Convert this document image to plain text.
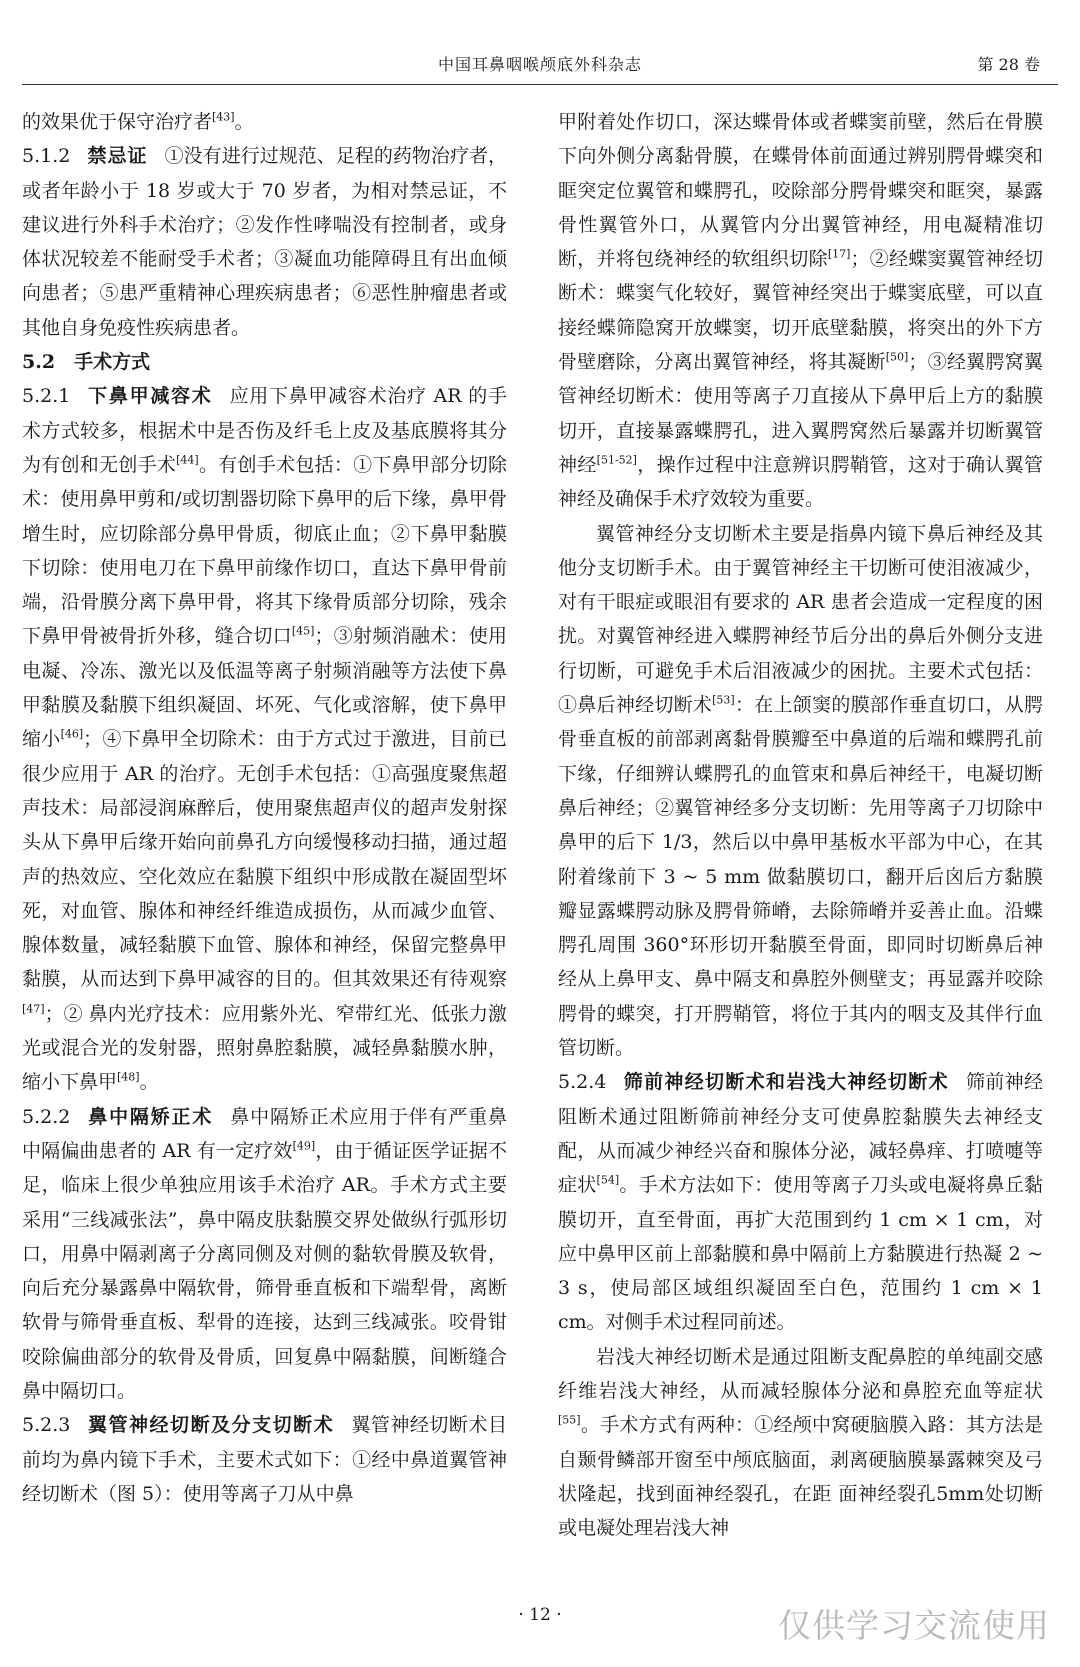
中国耳鼻咽喉颅底外科杂志	第 28 卷

的效果优于保守治疗者[43]。

5.1.2 禁忌证 ①没有进行过规范、足程的药物治疗者，或者年龄小于 18 岁或大于 70 岁者，为相对禁忌证，不建议进行外科手术治疗；②发作性哮喘没有控制者，或身体状况较差不能耐受手术者；③凝血功能障碍且有出血倾向患者；⑤患严重精神心理疾病患者；⑥恶性肿瘤患者或其他自身免疫性疾病患者。

5.2 手术方式

5.2.1 下鼻甲减容术 应用下鼻甲减容术治疗 AR 的手术方式较多，根据术中是否伤及纤毛上皮及基底膜将其分为有创和无创手术[44]。有创手术包括：①下鼻甲部分切除术：使用鼻甲剪和/或切割器切除下鼻甲的后下缘，鼻甲骨增生时，应切除部分鼻甲骨质，彻底止血；②下鼻甲黏膜下切除：使用电刀在下鼻甲前缘作切口，直达下鼻甲骨前端，沿骨膜分离下鼻甲骨，将其下缘骨质部分切除，残余下鼻甲骨被骨折外移，缝合切口[45]；③射频消融术：使用电凝、冷冻、激光以及低温等离子射频消融等方法使下鼻甲黏膜及黏膜下组织凝固、坏死、气化或溶解，使下鼻甲缩小[46]；④下鼻甲全切除术：由于方式过于激进，目前已很少应用于 AR 的治疗。无创手术包括：①高强度聚焦超声技术：局部浸润麻醉后，使用聚焦超声仪的超声发射探头从下鼻甲后缘开始向前鼻孔方向缓慢移动扫描，通过超声的热效应、空化效应在黏膜下组织中形成散在凝固型坏死，对血管、腺体和神经纤维造成损伤，从而减少血管、腺体数量，减轻黏膜下血管、腺体和神经，保留完整鼻甲黏膜，从而达到下鼻甲减容的目的。但其效果还有待观察[47]；② 鼻内光疗技术：应用紫外光、窄带红光、低张力激光或混合光的发射器，照射鼻腔黏膜，减轻鼻黏膜水肿，缩小下鼻甲[48]。

5.2.2 鼻中隔矫正术 鼻中隔矫正术应用于伴有严重鼻中隔偏曲患者的 AR 有一定疗效[49]，由于循证医学证据不足，临床上很少单独应用该手术治疗 AR。手术方式主要采用“三线减张法”，鼻中隔皮肤黏膜交界处做纵行弧形切口，用鼻中隔剥离子分离同侧及对侧的黏软骨膜及软骨，向后充分暴露鼻中隔软骨，筛骨垂直板和下端犁骨，离断软骨与筛骨垂直板、犁骨的连接，达到三线减张。咬骨钳咬除偏曲部分的软骨及骨质，回复鼻中隔黏膜，间断缝合鼻中隔切口。

5.2.3 翼管神经切断及分支切断术 翼管神经切断术目前均为鼻内镜下手术，主要术式如下：①经中鼻道翼管神经切断术（图 5）：使用等离子刀从中鼻

甲附着处作切口，深达蝶骨体或者蝶窦前壁，然后在骨膜下向外侧分离黏骨膜，在蝶骨体前面通过辨别腭骨蝶突和眶突定位翼管和蝶腭孔，咬除部分腭骨蝶突和眶突，暴露骨性翼管外口，从翼管内分出翼管神经，用电凝精准切断，并将包绕神经的软组织切除[17]；②经蝶窦翼管神经切断术：蝶窦气化较好，翼管神经突出于蝶窦底壁，可以直接经蝶筛隐窝开放蝶窦，切开底壁黏膜，将突出的外下方骨壁磨除，分离出翼管神经，将其凝断[50]；③经翼腭窝翼管神经切断术：使用等离子刀直接从下鼻甲后上方的黏膜切开，直接暴露蝶腭孔，进入翼腭窝然后暴露并切断翼管神经[51-52]，操作过程中注意辨识腭鞘管，这对于确认翼管神经及确保手术疗效较为重要。

翼管神经分支切断术主要是指鼻内镜下鼻后神经及其他分支切断手术。由于翼管神经主干切断可使泪液减少，对有干眼症或眼泪有要求的 AR 患者会造成一定程度的困扰。对翼管神经进入蝶腭神经节后分出的鼻后外侧分支进行切断，可避免手术后泪液减少的困扰。主要术式包括：①鼻后神经切断术[53]：在上颌窦的膜部作垂直切口，从腭骨垂直板的前部剥离黏骨膜瓣至中鼻道的后端和蝶腭孔前下缘，仔细辨认蝶腭孔的血管束和鼻后神经干，电凝切断鼻后神经；②翼管神经多分支切断：先用等离子刀切除中鼻甲的后下 1/3，然后以中鼻甲基板水平部为中心，在其附着缘前下 3 ~ 5 mm 做黏膜切口，翻开后囟后方黏膜瓣显露蝶腭动脉及腭骨筛嵴，去除筛嵴并妥善止血。沿蝶腭孔周围 360°环形切开黏膜至骨面，即同时切断鼻后神经从上鼻甲支、鼻中隔支和鼻腔外侧壁支；再显露并咬除腭骨的蝶突，打开腭鞘管，将位于其内的咽支及其伴行血管切断。

5.2.4 筛前神经切断术和岩浅大神经切断术 筛前神经阻断术通过阻断筛前神经分支可使鼻腔黏膜失去神经支配，从而减少神经兴奋和腺体分泌，减轻鼻痒、打喷嚏等症状[54]。手术方法如下：使用等离子刀头或电凝将鼻丘黏膜切开，直至骨面，再扩大范围到约 1 cm × 1 cm，对应中鼻甲区前上部黏膜和鼻中隔前上方黏膜进行热凝 2 ~ 3 s，使局部区域组织凝固至白色，范围约 1 cm × 1 cm。对侧手术过程同前述。

岩浅大神经切断术是通过阻断支配鼻腔的单纯副交感纤维岩浅大神经，从而减轻腺体分泌和鼻腔充血等症状[55]。手术方式有两种：①经颅中窝硬脑膜入路：其方法是自颞骨鳞部开窗至中颅底脑面，剥离硬脑膜暴露棘突及弓状隆起，找到面神经裂孔，在距 面神经裂孔5mm处切断或电凝处理岩浅大神

· 12 ·	仅供学习交流使用
